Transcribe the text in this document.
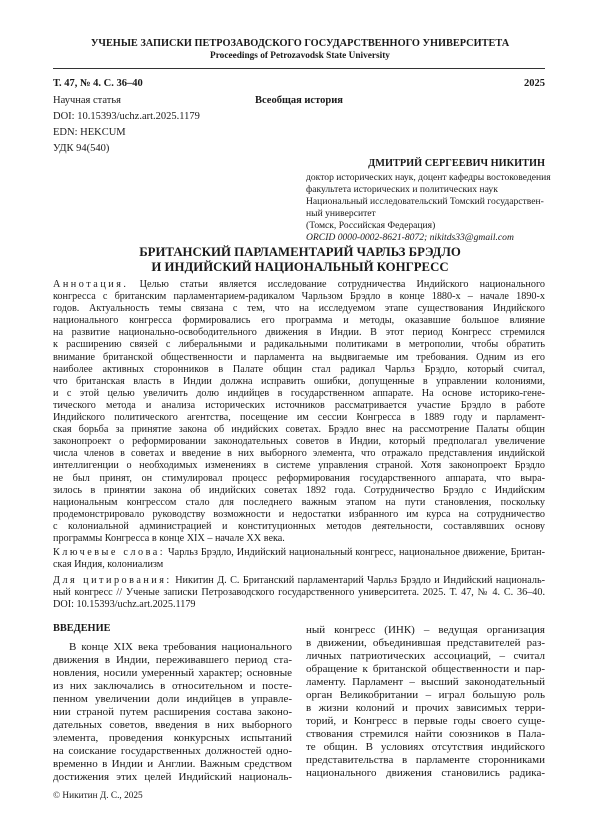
УЧЕНЫЕ ЗАПИСКИ ПЕТРОЗАВОДСКОГО ГОСУДАРСТВЕННОГО УНИВЕРСИТЕТА
Proceedings of Petrozavodsk State University
Т. 47, № 4. С. 36–40	2025
Научная статья	Всеобщая история
DOI: 10.15393/uchz.art.2025.1179
EDN: HEKCUM
УДК 94(540)
ДМИТРИЙ СЕРГЕЕВИЧ НИКИТИН
доктор исторических наук, доцент кафедры востоковедения
факультета исторических и политических наук
Национальный исследовательский Томский государствен-
ный университет
(Томск, Российская Федерация)
ORCID 0000-0002-8621-8072; nikitds33@gmail.com
БРИТАНСКИЙ ПАРЛАМЕНТАРИЙ ЧАРЛЬЗ БРЭДЛО
И ИНДИЙСКИЙ НАЦИОНАЛЬНЫЙ КОНГРЕСС
Аннотация. Целью статьи является исследование сотрудничества Индийского национального
конгресса с британским парламентарием-радикалом Чарльзом Брэдло в конце 1880-х – начале 1890-х
годов. Актуальность темы связана с тем, что на исследуемом этапе существования Индийского
национального конгресса формировались его программа и методы, оказавшие большое влияние
на развитие национально-освободительного движения в Индии. В этот период Конгресс стремился
к расширению связей с либеральными и радикальными политиками в метрополии, чтобы обратить
внимание британской общественности и парламента на выдвигаемые им требования. Одним из его
наиболее активных сторонников в Палате общин стал радикал Чарльз Брэдло, который считал,
что британская власть в Индии должна исправить ошибки, допущенные в управлении колониями,
и с этой целью увеличить долю индийцев в государственном аппарате. На основе историко-гене-
тического метода и анализа исторических источников рассматривается участие Брэдло в работе
Индийского политического агентства, посещение им сессии Конгресса в 1889 году и парламент-
ская борьба за принятие закона об индийских советах. Брэдло внес на рассмотрение Палаты общин
законопроект о реформировании законодательных советов в Индии, который предполагал увеличение
числа членов в советах и введение в них выборного элемента, что отражало представления индийской
интеллигенции о необходимых изменениях в системе управления страной. Хотя законопроект Брэдло
не был принят, он стимулировал процесс реформирования государственного аппарата, что выра-
зилось в принятии закона об индийских советах 1892 года. Сотрудничество Брэдло с Индийским
национальным конгрессом стало для последнего важным этапом на пути становления, поскольку
продемонстрировало руководству возможности и недостатки избранного им курса на сотрудничество
с колониальной администрацией и конституционных методов деятельности, составлявших основу
программы Конгресса в конце XIX – начале XX века.
Ключевые слова: Чарльз Брэдло, Индийский национальный конгресс, национальное движение, Британ-
ская Индия, колониализм
Для цитирования: Никитин Д. С. Британский парламентарий Чарльз Брэдло и Индийский националь-
ный конгресс // Ученые записки Петрозаводского государственного университета. 2025. Т. 47, № 4. С. 36–40.
DOI: 10.15393/uchz.art.2025.1179
ВВЕДЕНИЕ
В конце XIX века требования национального
движения в Индии, переживавшего период ста-
новления, носили умеренный характер; основные
из них заключались в относительном и посте-
пенном увеличении доли индийцев в управле-
нии страной путем расширения состава законо-
дательных советов, введения в них выборного
элемента, проведения конкурсных испытаний
на соискание государственных должностей одно-
временно в Индии и Англии. Важным средством
достижения этих целей Индийский националь-
ный конгресс (ИНК) – ведущая организация
в движении, объединившая представителей раз-
личных патриотических ассоциаций, – считал
обращение к британской общественности и пар-
ламенту. Парламент – высший законодательный
орган Великобритании – играл большую роль
в жизни колоний и прочих зависимых терри-
торий, и Конгресс в первые годы своего суще-
ствования стремился найти союзников в Пала-
те общин. В условиях отсутствия индийского
представительства в парламенте сторонниками
национального движения становились радика-
© Никитин Д. С., 2025
